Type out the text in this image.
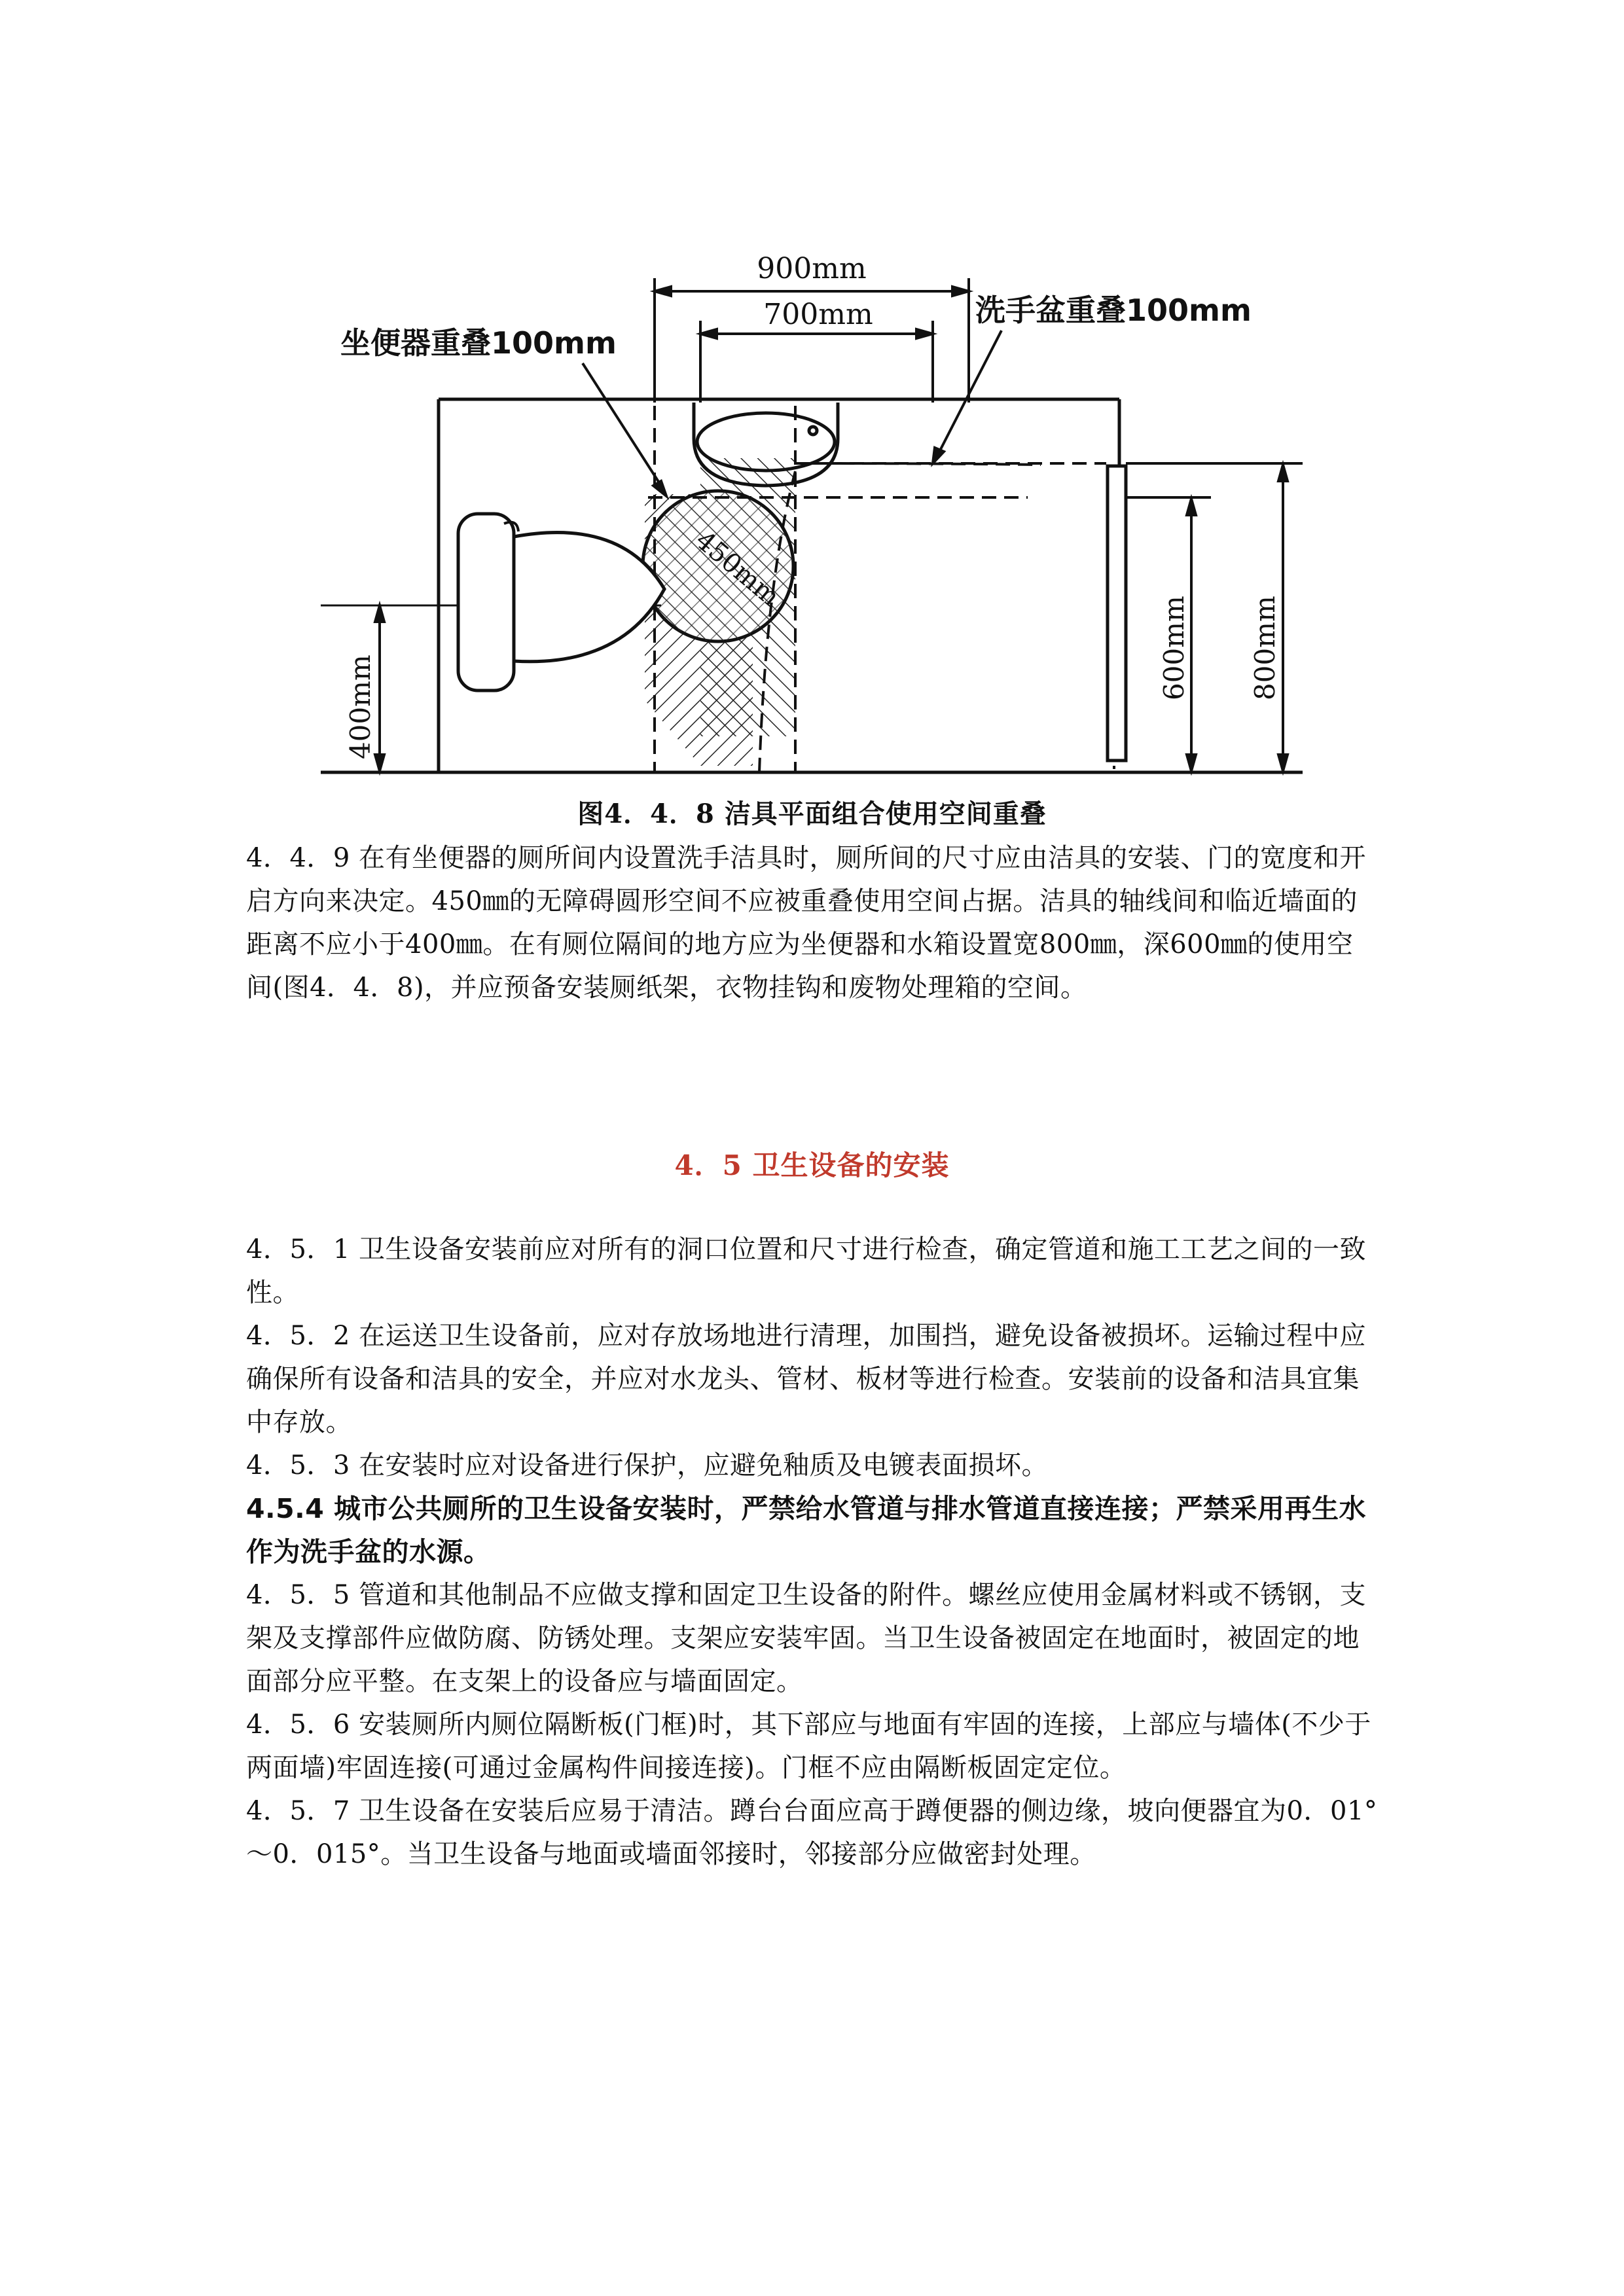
900mm
700mm
坐便器重叠100mm
洗手盆重叠100mm
450mm
400mm
600mm 800mm
图4．4．8 洁具平面组合使用空间重叠

4．4．9 在有坐便器的厕所间内设置洗手洁具时，厕所间的尺寸应由洁具的安装、门的宽度和开启方向来决定。450㎜的无障碍圆形空间不应被重叠使用空间占据。洁具的轴线间和临近墙面的距离不应小于400㎜。在有厕位隔间的地方应为坐便器和水箱设置宽800㎜，深600㎜的使用空间(图4．4．8)，并应预备安装厕纸架，衣物挂钩和废物处理箱的空间。

4．5 卫生设备的安装

4．5．1 卫生设备安装前应对所有的洞口位置和尺寸进行检查，确定管道和施工工艺之间的一致性。

4．5．2 在运送卫生设备前，应对存放场地进行清理，加围挡，避免设备被损坏。运输过程中应确保所有设备和洁具的安全，并应对水龙头、管材、板材等进行检查。安装前的设备和洁具宜集中存放。

4．5．3 在安装时应对设备进行保护，应避免釉质及电镀表面损坏。

4.5.4 城市公共厕所的卫生设备安装时，严禁给水管道与排水管道直接连接；严禁采用再生水作为洗手盆的水源。

4．5．5 管道和其他制品不应做支撑和固定卫生设备的附件。螺丝应使用金属材料或不锈钢，支架及支撑部件应做防腐、防锈处理。支架应安装牢固。当卫生设备被固定在地面时，被固定的地面部分应平整。在支架上的设备应与墙面固定。

4．5．6 安装厕所内厕位隔断板(门框)时，其下部应与地面有牢固的连接，上部应与墙体(不少于两面墙)牢固连接(可通过金属构件间接连接)。门框不应由隔断板固定定位。

4．5．7 卫生设备在安装后应易于清洁。蹲台台面应高于蹲便器的侧边缘，坡向便器宜为0．01°～0．015°。当卫生设备与地面或墙面邻接时，邻接部分应做密封处理。
